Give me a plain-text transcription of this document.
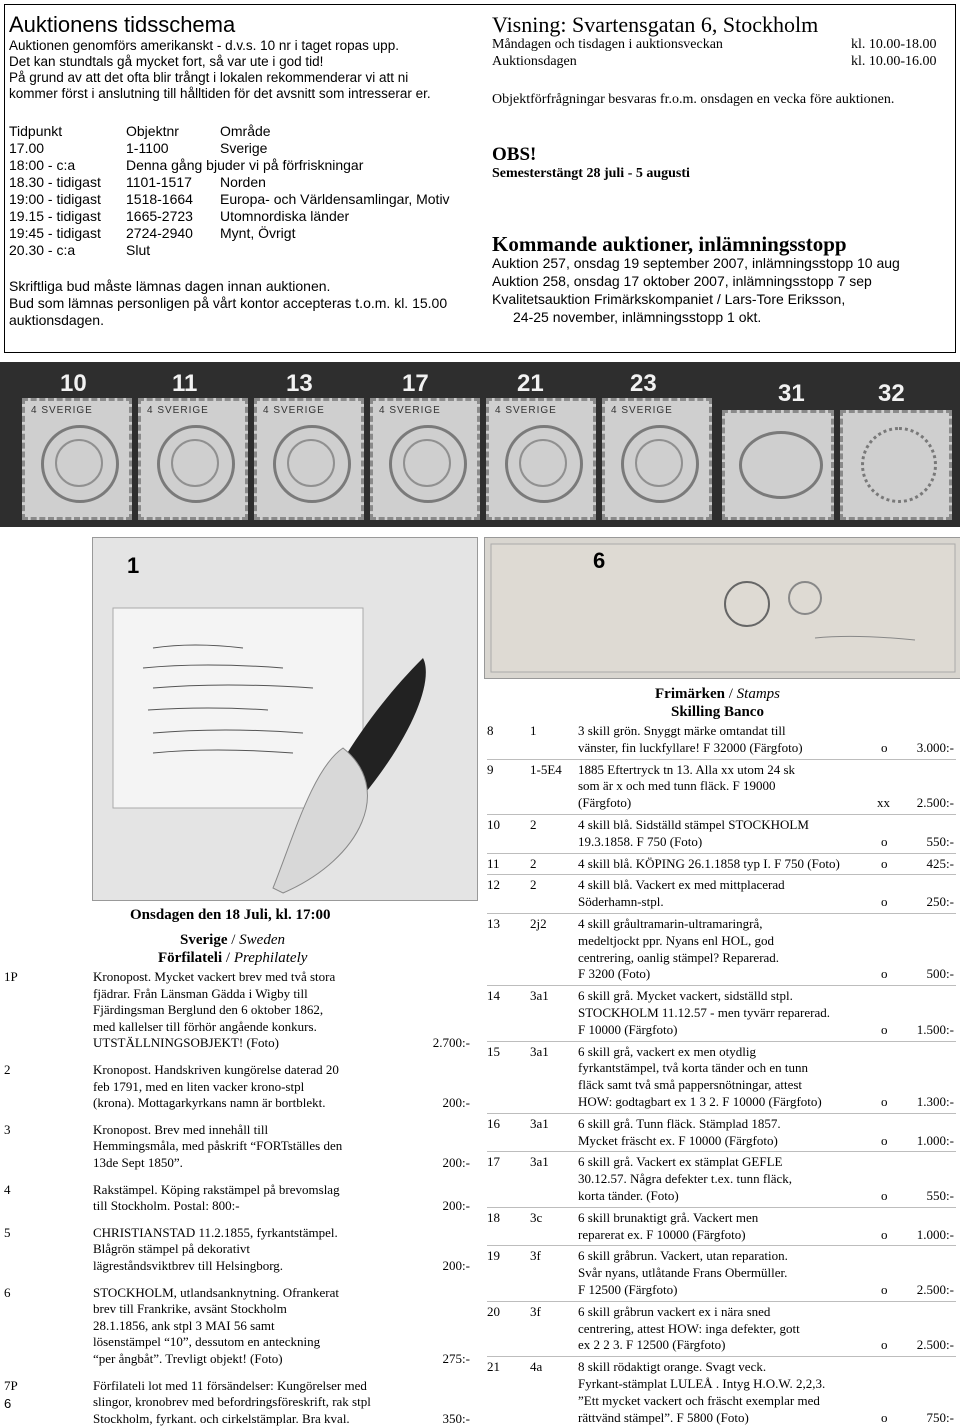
Auktionens tidsschema
Auktionen genomförs amerikanskt - d.v.s. 10 nr i taget ropas upp.
Det kan stundtals gå mycket fort, så var ute i god tid!
På grund av att det ofta blir trångt i lokalen rekommenderar vi att ni
kommer först i anslutning till hålltiden för det avsnitt som intresserar er.
Tidpunkt	Objektnr	Område
17.00	1-1100	Sverige
18:00 - c:a	Denna gång bjuder vi på förfriskningar
18.30 - tidigast 1101-1517 Norden
19:00 - tidigast 1518-1664 Europa- och Världensamlingar, Motiv
19.15 - tidigast 1665-2723 Utomnordiska länder
19:45 - tidigast 2724-2940 Mynt, Övrigt
20.30 - c:a	Slut
Skriftliga bud måste lämnas dagen innan auktionen.
Bud som lämnas personligen på vårt kontor accepteras t.o.m. kl. 15.00
auktionsdagen.
Visning: Svartensgatan 6, Stockholm
Måndagen och tisdagen i auktionsveckan	kl. 10.00-18.00
Auktionsdagen	kl. 10.00-16.00
Objektförfrågningar besvaras fr.o.m. onsdagen en vecka före auktionen.
OBS!
Semesterstängt 28 juli - 5 augusti
Kommande auktioner, inlämningsstopp
Auktion 257, onsdag 19 september 2007, inlämningsstopp 10 aug
Auktion 258, onsdag 17 oktober 2007, inlämningsstopp 7 sep
Kvalitetsauktion Frimärkskompaniet / Lars-Tore Eriksson,
24-25 november, inlämningsstopp 1 okt.
10	11	13	17	21	23	31	32
4 SVERIGE	4 SVERIGE	4 SVERIGE	4 SVERIGE	4 SVERIGE	4 SVERIGE
1	6
Onsdagen den 18 Juli, kl. 17:00
Sverige / Sweden
Förfilateli / Prephilately
1P	Kronopost. Mycket vackert brev med två stora
fjädrar. Från Länsman Gädda i Wigby till
Fjärdingsman Berglund den 6 oktober 1862,
med kallelser till förhör angående konkurs.
UTSTÄLLNINGSOBJEKT! (Foto)	2.700:-
2	Kronopost. Handskriven kungörelse daterad 20
feb 1791, med en liten vacker krono-stpl
(krona). Mottagarkyrkans namn är bortblekt.	200:-
3	Kronopost. Brev med innehåll till
Hemmingsmåla, med påskrift “FORTställes den
13de Sept 1850”.	200:-
4	Rakstämpel. Köping rakstämpel på brevomslag
till Stockholm. Postal: 800:-	200:-
5	CHRISTIANSTAD 11.2.1855, fyrkantstämpel.
Blågrön stämpel på dekorativt
lägreståndsviktbrev till Helsingborg.	200:-
6	STOCKHOLM, utlandsanknytning. Ofrankerat
brev till Frankrike, avsänt Stockholm
28.1.1856, ank stpl 3 MAI 56 samt
lösenstämpel “10”, dessutom en anteckning
“per ångbåt”. Trevligt objekt! (Foto)	275:-
7P	Förfilateli lot med 11 försändelser: Kungörelser med
slingor, kronobrev med befordringsföreskrift, rak stpl
Stockholm, fyrkant. och cirkelstämplar. Bra kval.	350:-
Frimärken / Stamps
Skilling Banco
8	1	3 skill grön. Snyggt märke omtandat till
vänster, fin luckfyllare! F 32000 (Färgfoto)	o 3.000:-
9	1-5E4 1885 Eftertryck tn 13. Alla xx utom 24 sk
som är x och med tunn fläck. F 19000
(Färgfoto)	xx 2.500:-
10 2	4 skill blå. Sidställd stämpel STOCKHOLM
19.3.1858. F 750 (Foto)	o	550:-
11 2	4 skill blå. KÖPING 26.1.1858 typ I. F 750 (Foto)	o	425:-
12 2	4 skill blå. Vackert ex med mittplacerad
Söderhamn-stpl.	o	250:-
13 2j2 4 skill gråultramarin-ultramaringrå,
medeltjockt ppr. Nyans enl HOL, god
centrering, oanlig stämpel? Reparerad.
F 3200 (Foto)	o	500:-
14 3a1 6 skill grå. Mycket vackert, sidställd stpl.
STOCKHOLM 11.12.57 - men tyvärr reparerad.
F 10000 (Färgfoto)	o 1.500:-
15 3a1 6 skill grå, vackert ex men otydlig
fyrkantstämpel, två korta tänder och en tunn
fläck samt två små pappersnötningar, attest
HOW: godtagbart ex 1 3 2. F 10000 (Färgfoto)	o 1.300:-
16 3a1 6 skill grå. Tunn fläck. Stämplad 1857.
Mycket fräscht ex. F 10000 (Färgfoto)	o 1.000:-
17 3a1 6 skill grå. Vackert ex stämplat GEFLE
30.12.57. Några defekter t.ex. tunn fläck,
korta tänder. (Foto)	o	550:-
18 3c	6 skill brunaktigt grå. Vackert men
reparerat ex. F 10000 (Färgfoto)	o 1.000:-
19 3f	6 skill gråbrun. Vackert, utan reparation.
Svår nyans, utlåtande Frans Obermüller.
F 12500 (Färgfoto)	o 2.500:-
20 3f	6 skill gråbrun vackert ex i nära sned
centrering, attest HOW: inga defekter, gott
ex 2 2 3. F 12500 (Färgfoto)	o 2.500:-
21 4a	8 skill rödaktigt orange. Svagt veck.
Fyrkant-stämplat LULEÅ . Intyg H.O.W. 2,2,3.
”Ett mycket vackert och fräscht exemplar med
rättvänd stämpel”. F 5800 (Foto)	o	750:-
6
